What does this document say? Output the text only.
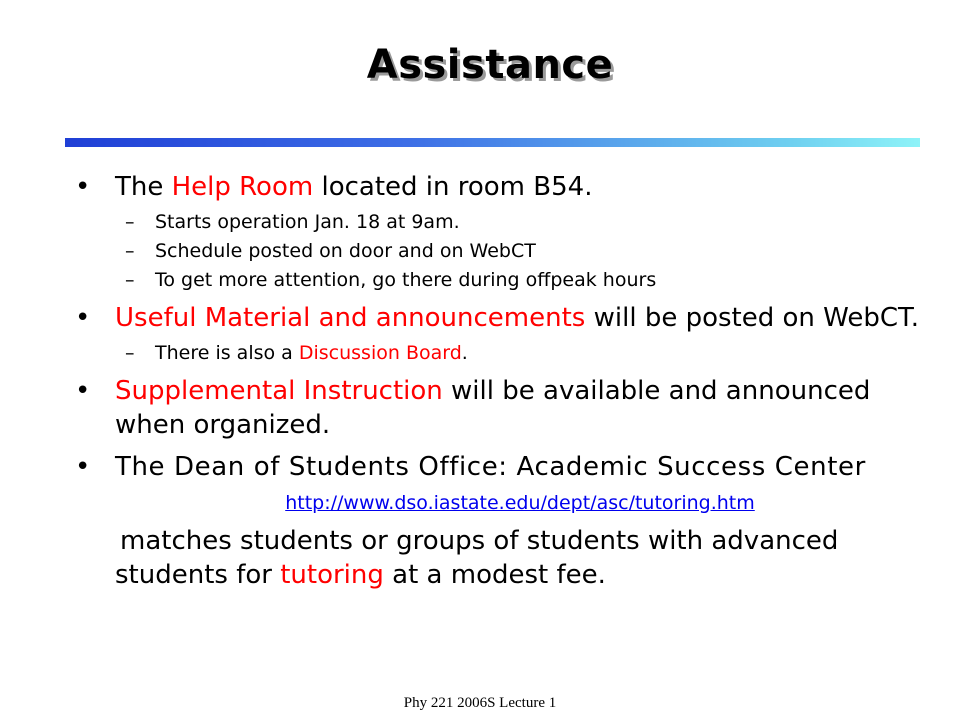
Assistance
• The Help Room located in room B54.
– Starts operation Jan. 18 at 9am.
– Schedule posted on door and on WebCT
– To get more attention, go there during offpeak hours
• Useful Material and announcements will be posted on WebCT.
– There is also a Discussion Board.
• Supplemental Instruction will be available and announced when organized.
• The Dean of Students Office: Academic Success Center
http://www.dso.iastate.edu/dept/asc/tutoring.htm
matches students or groups of students with advanced students for tutoring at a modest fee.
Phy 221 2006S Lecture 1
